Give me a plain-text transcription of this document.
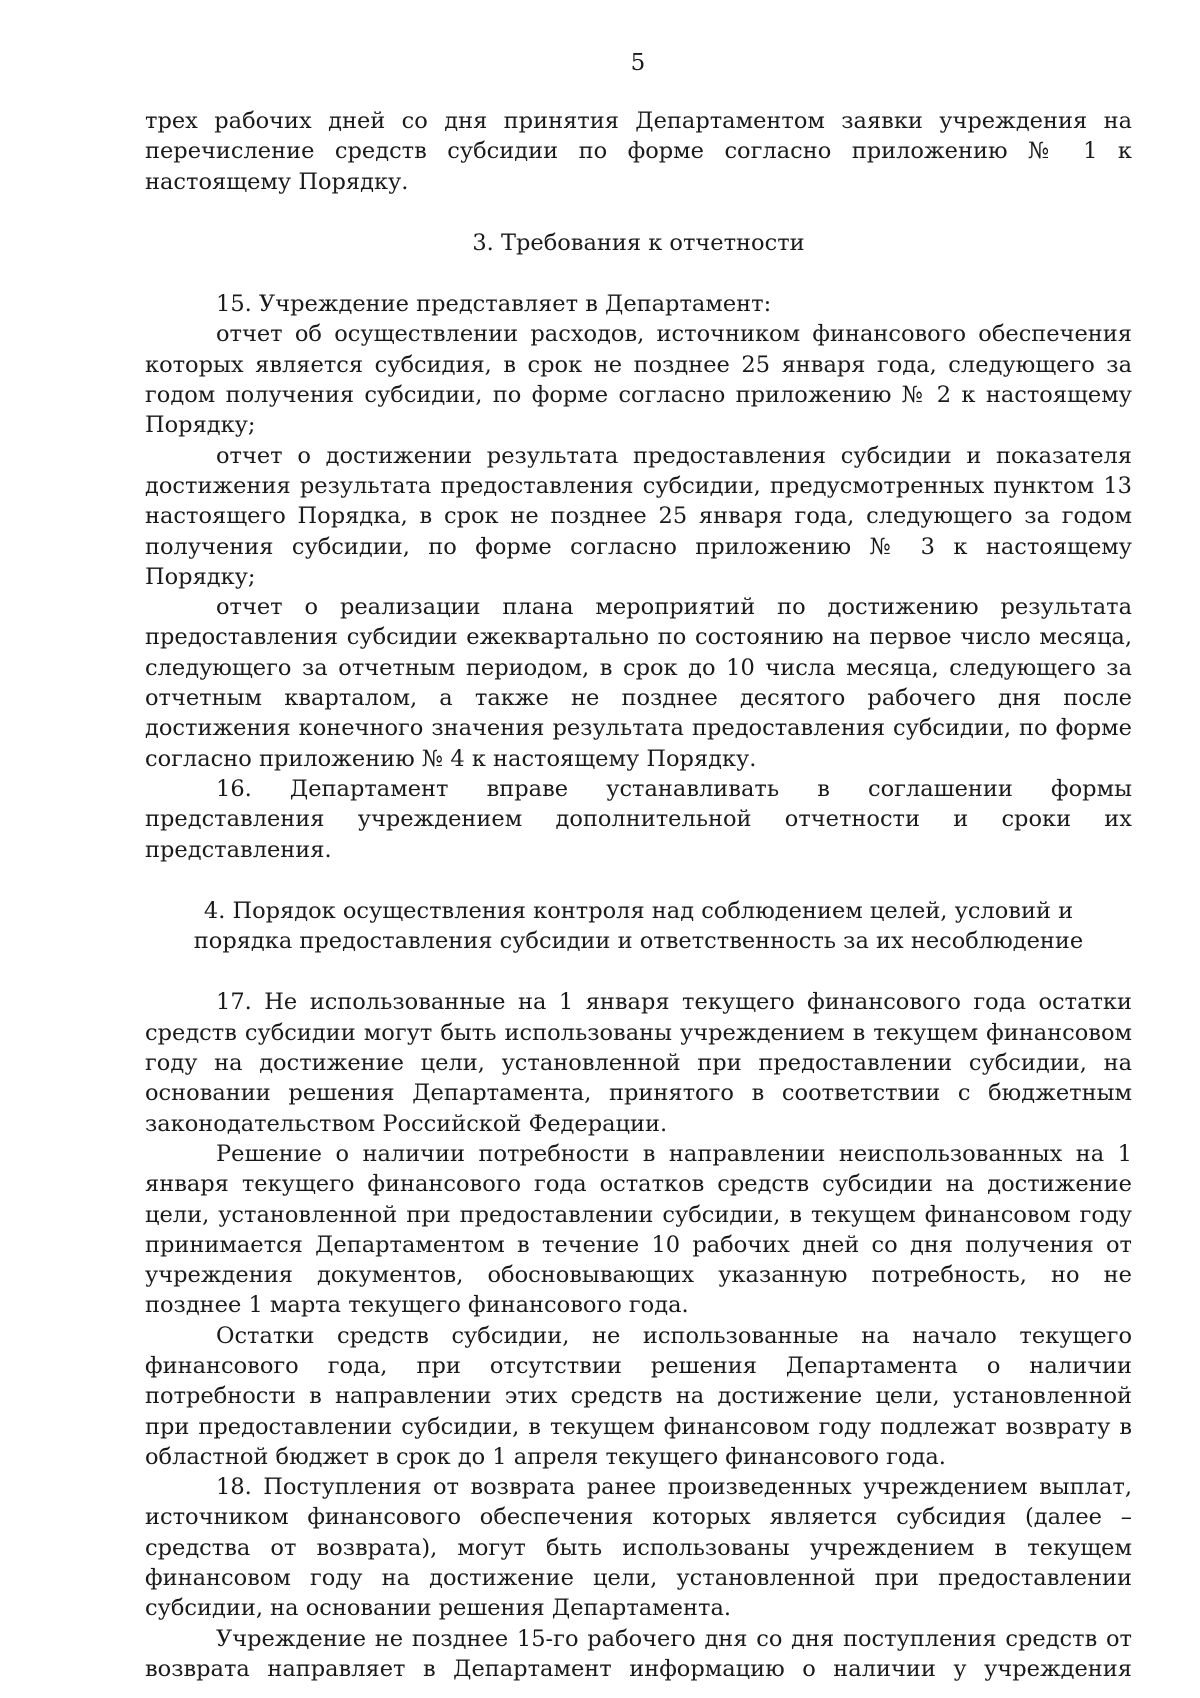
5

трех рабочих дней со дня принятия Департаментом заявки учреждения на перечисление средств субсидии по форме согласно приложению № 1 к настоящему Порядку.

3. Требования к отчетности

15. Учреждение представляет в Департамент:

отчет об осуществлении расходов, источником финансового обеспечения которых является субсидия, в срок не позднее 25 января года, следующего за годом получения субсидии, по форме согласно приложению № 2 к настоящему Порядку;

отчет о достижении результата предоставления субсидии и показателя достижения результата предоставления субсидии, предусмотренных пунктом 13 настоящего Порядка, в срок не позднее 25 января года, следующего за годом получения субсидии, по форме согласно приложению № 3 к настоящему Порядку;

отчет о реализации плана мероприятий по достижению результата предоставления субсидии ежеквартально по состоянию на первое число месяца, следующего за отчетным периодом, в срок до 10 числа месяца, следующего за отчетным кварталом, а также не позднее десятого рабочего дня после достижения конечного значения результата предоставления субсидии, по форме согласно приложению № 4 к настоящему Порядку.

16. Департамент вправе устанавливать в соглашении формы представления учреждением дополнительной отчетности и сроки их представления.

4. Порядок осуществления контроля над соблюдением целей, условий и порядка предоставления субсидии и ответственность за их несоблюдение

17. Не использованные на 1 января текущего финансового года остатки средств субсидии могут быть использованы учреждением в текущем финансовом году на достижение цели, установленной при предоставлении субсидии, на основании решения Департамента, принятого в соответствии с бюджетным законодательством Российской Федерации.

Решение о наличии потребности в направлении неиспользованных на 1 января текущего финансового года остатков средств субсидии на достижение цели, установленной при предоставлении субсидии, в текущем финансовом году принимается Департаментом в течение 10 рабочих дней со дня получения от учреждения документов, обосновывающих указанную потребность, но не позднее 1 марта текущего финансового года.

Остатки средств субсидии, не использованные на начало текущего финансового года, при отсутствии решения Департамента о наличии потребности в направлении этих средств на достижение цели, установленной при предоставлении субсидии, в текущем финансовом году подлежат возврату в областной бюджет в срок до 1 апреля текущего финансового года.

18. Поступления от возврата ранее произведенных учреждением выплат, источником финансового обеспечения которых является субсидия (далее – средства от возврата), могут быть использованы учреждением в текущем финансовом году на достижение цели, установленной при предоставлении субсидии, на основании решения Департамента.

Учреждение не позднее 15-го рабочего дня со дня поступления средств от возврата направляет в Департамент информацию о наличии у учреждения
